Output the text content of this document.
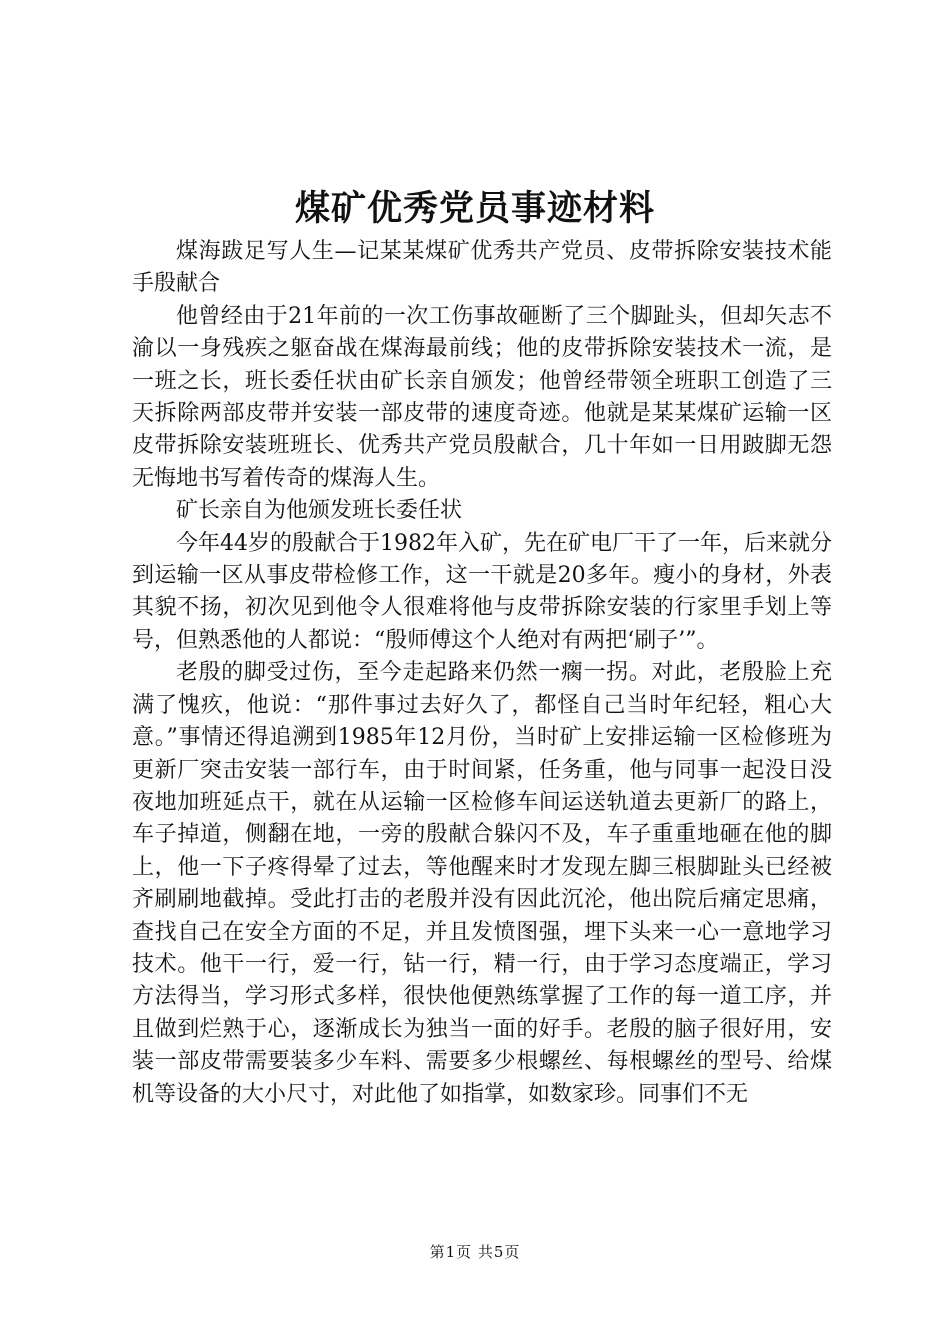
煤矿优秀党员事迹材料

煤海跋足写人生—记某某煤矿优秀共产党员、皮带拆除安装技术能手殷献合

他曾经由于21年前的一次工伤事故砸断了三个脚趾头，但却矢志不渝以一身残疾之躯奋战在煤海最前线；他的皮带拆除安装技术一流，是一班之长，班长委任状由矿长亲自颁发；他曾经带领全班职工创造了三天拆除两部皮带并安装一部皮带的速度奇迹。他就是某某煤矿运输一区皮带拆除安装班班长、优秀共产党员殷献合，几十年如一日用跛脚无怨无悔地书写着传奇的煤海人生。

矿长亲自为他颁发班长委任状

今年44岁的殷献合于1982年入矿，先在矿电厂干了一年，后来就分到运输一区从事皮带检修工作，这一干就是20多年。瘦小的身材，外表其貌不扬，初次见到他令人很难将他与皮带拆除安装的行家里手划上等号，但熟悉他的人都说：“殷师傅这个人绝对有两把‘刷子’”。

老殷的脚受过伤，至今走起路来仍然一瘸一拐。对此，老殷脸上充满了愧疚，他说：“那件事过去好久了，都怪自己当时年纪轻，粗心大意。”事情还得追溯到1985年12月份，当时矿上安排运输一区检修班为更新厂突击安装一部行车，由于时间紧，任务重，他与同事一起没日没夜地加班延点干，就在从运输一区检修车间运送轨道去更新厂的路上，车子掉道，侧翻在地，一旁的殷献合躲闪不及，车子重重地砸在他的脚上，他一下子疼得晕了过去，等他醒来时才发现左脚三根脚趾头已经被齐刷刷地截掉。受此打击的老殷并没有因此沉沦，他出院后痛定思痛，查找自己在安全方面的不足，并且发愤图强，埋下头来一心一意地学习技术。他干一行，爱一行，钻一行，精一行，由于学习态度端正，学习方法得当，学习形式多样，很快他便熟练掌握了工作的每一道工序，并且做到烂熟于心，逐渐成长为独当一面的好手。老殷的脑子很好用，安装一部皮带需要装多少车料、需要多少根螺丝、每根螺丝的型号、给煤机等设备的大小尺寸，对此他了如指掌，如数家珍。同事们不无

第1页 共5页
